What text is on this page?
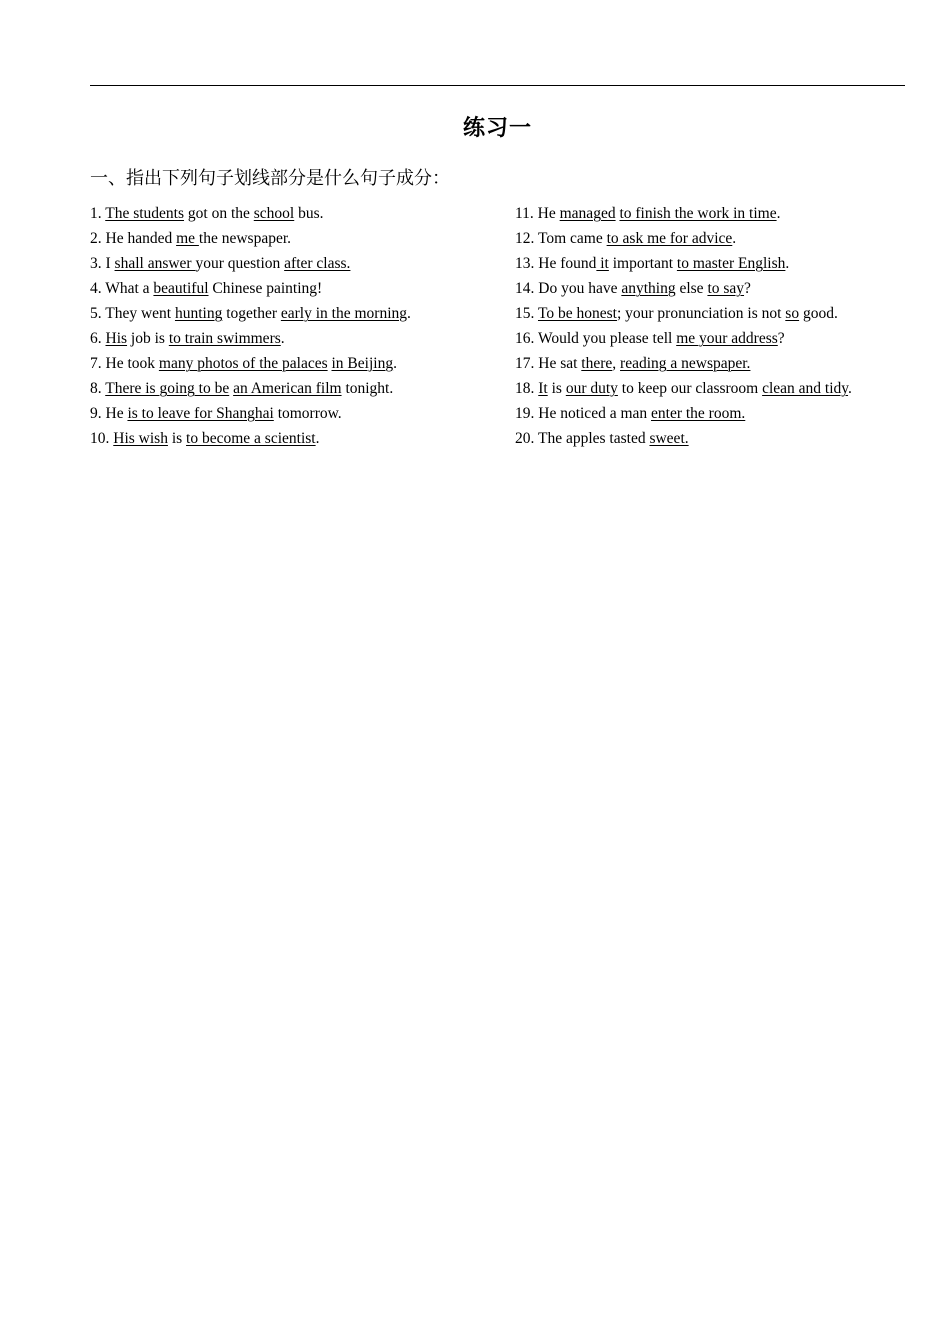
练习一
一、指出下列句子划线部分是什么句子成分：
1. The students got on the school bus.
2. He handed me the newspaper.
3. I shall answer your question after class.
4. What a beautiful Chinese painting!
5. They went hunting together early in the morning.
6. His job is to train swimmers.
7. He took many photos of the palaces in Beijing.
8. There is going to be an American film tonight.
9. He is to leave for Shanghai tomorrow.
10. His wish is to become a scientist.
11. He managed to finish the work in time.
12. Tom came to ask me for advice.
13. He found it important to master English.
14. Do you have anything else to say?
15. To be honest; your pronunciation is not so good.
16. Would you please tell me your address?
17. He sat there, reading a newspaper.
18. It is our duty to keep our classroom clean and tidy.
19. He noticed a man enter the room.
20. The apples tasted sweet.
